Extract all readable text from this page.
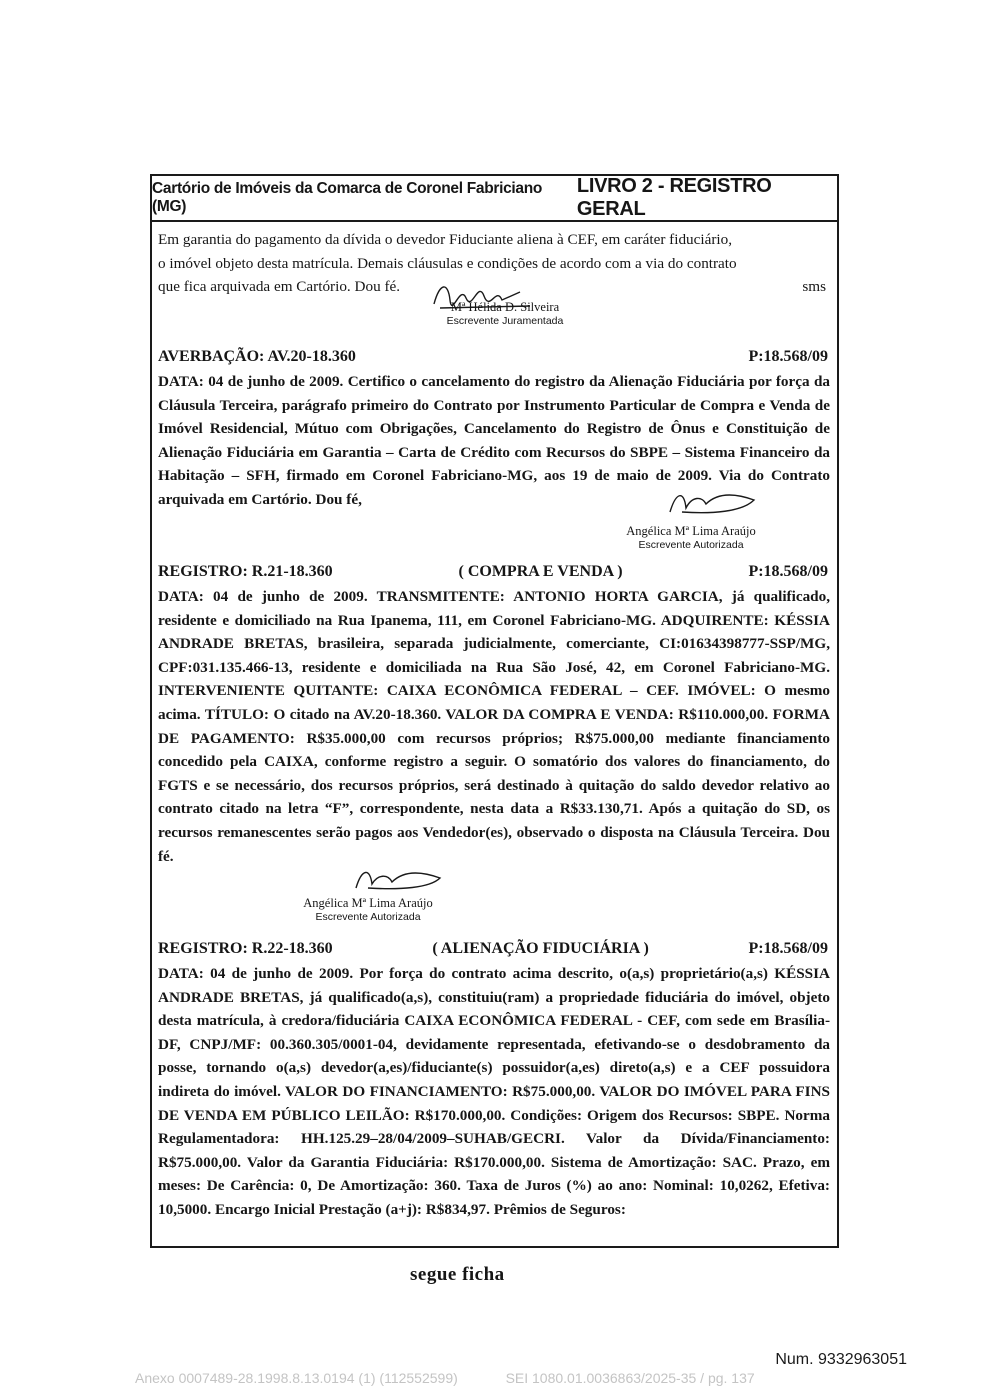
Cartório de Imóveis da Comarca de Coronel Fabriciano (MG)
LIVRO 2 - REGISTRO GERAL

Em garantia do pagamento da dívida o devedor Fiduciante aliena à CEF, em caráter fiduciário,

o imóvel objeto desta matrícula. Demais cláusulas e condições de acordo com a via do contrato

que fica arquivada em Cartório. Dou fé.	sms
Mª Hélida D. Silveira
Escrevente Juramentada
AVERBAÇÃO: AV.20-18.360	P:18.568/09

DATA: 04 de junho de 2009. Certifico o cancelamento do registro da Alienação Fiduciária por força da Cláusula Terceira, parágrafo primeiro do Contrato por Instrumento Particular de Compra e Venda de Imóvel Residencial, Mútuo com Obrigações, Cancelamento do Registro de Ônus e Constituição de Alienação Fiduciária em Garantia – Carta de Crédito com Recursos do SBPE – Sistema Financeiro da Habitação – SFH, firmado em Coronel Fabriciano-MG, aos 19 de maio de 2009. Via do Contrato arquivada em Cartório. Dou fé,

Angélica Mª Lima Araújo
Escrevente Autorizada
REGISTRO: R.21-18.360	( COMPRA E VENDA )	P:18.568/09

DATA: 04 de junho de 2009. TRANSMITENTE: ANTONIO HORTA GARCIA, já qualificado, residente e domiciliado na Rua Ipanema, 111, em Coronel Fabriciano-MG. ADQUIRENTE: KÉSSIA ANDRADE BRETAS, brasileira, separada judicialmente, comerciante, CI:01634398777-SSP/MG, CPF:031.135.466-13, residente e domiciliada na Rua São José, 42, em Coronel Fabriciano-MG. INTERVENIENTE QUITANTE: CAIXA ECONÔMICA FEDERAL – CEF. IMÓVEL: O mesmo acima. TÍTULO: O citado na AV.20-18.360. VALOR DA COMPRA E VENDA: R$110.000,00. FORMA DE PAGAMENTO: R$35.000,00 com recursos próprios; R$75.000,00 mediante financiamento concedido pela CAIXA, conforme registro a seguir. O somatório dos valores do financiamento, do FGTS e se necessário, dos recursos próprios, será destinado à quitação do saldo devedor relativo ao contrato citado na letra “F”, correspondente, nesta data a R$33.130,71. Após a quitação do SD, os recursos remanescentes serão pagos aos Vendedor(es), observado o disposta na Cláusula Terceira. Dou fé.

Angélica Mª Lima Araújo
Escrevente Autorizada
REGISTRO: R.22-18.360	( ALIENAÇÃO FIDUCIÁRIA )	P:18.568/09

DATA: 04 de junho de 2009. Por força do contrato acima descrito, o(a,s) proprietário(a,s) KÉSSIA ANDRADE BRETAS, já qualificado(a,s), constituiu(ram) a propriedade fiduciária do imóvel, objeto desta matrícula, à credora/fiduciária CAIXA ECONÔMICA FEDERAL - CEF, com sede em Brasília-DF, CNPJ/MF: 00.360.305/0001-04, devidamente representada, efetivando-se o desdobramento da posse, tornando o(a,s) devedor(a,es)/fiduciante(s) possuidor(a,es) direto(a,s) e a CEF possuidora indireta do imóvel. VALOR DO FINANCIAMENTO: R$75.000,00. VALOR DO IMÓVEL PARA FINS DE VENDA EM PÚBLICO LEILÃO: R$170.000,00. Condições: Origem dos Recursos: SBPE. Norma Regulamentadora: HH.125.29–28/04/2009–SUHAB/GECRI. Valor da Dívida/Financiamento: R$75.000,00. Valor da Garantia Fiduciária: R$170.000,00. Sistema de Amortização: SAC. Prazo, em meses: De Carência: 0, De Amortização: 360. Taxa de Juros (%) ao ano: Nominal: 10,0262, Efetiva: 10,5000. Encargo Inicial Prestação (a+j): R$834,97. Prêmios de Seguros:

segue ficha
Num. 9332963051
Anexo 0007489-28.1998.8.13.0194 (1) (112552599)	SEI 1080.01.0036863/2025-35 / pg. 137
